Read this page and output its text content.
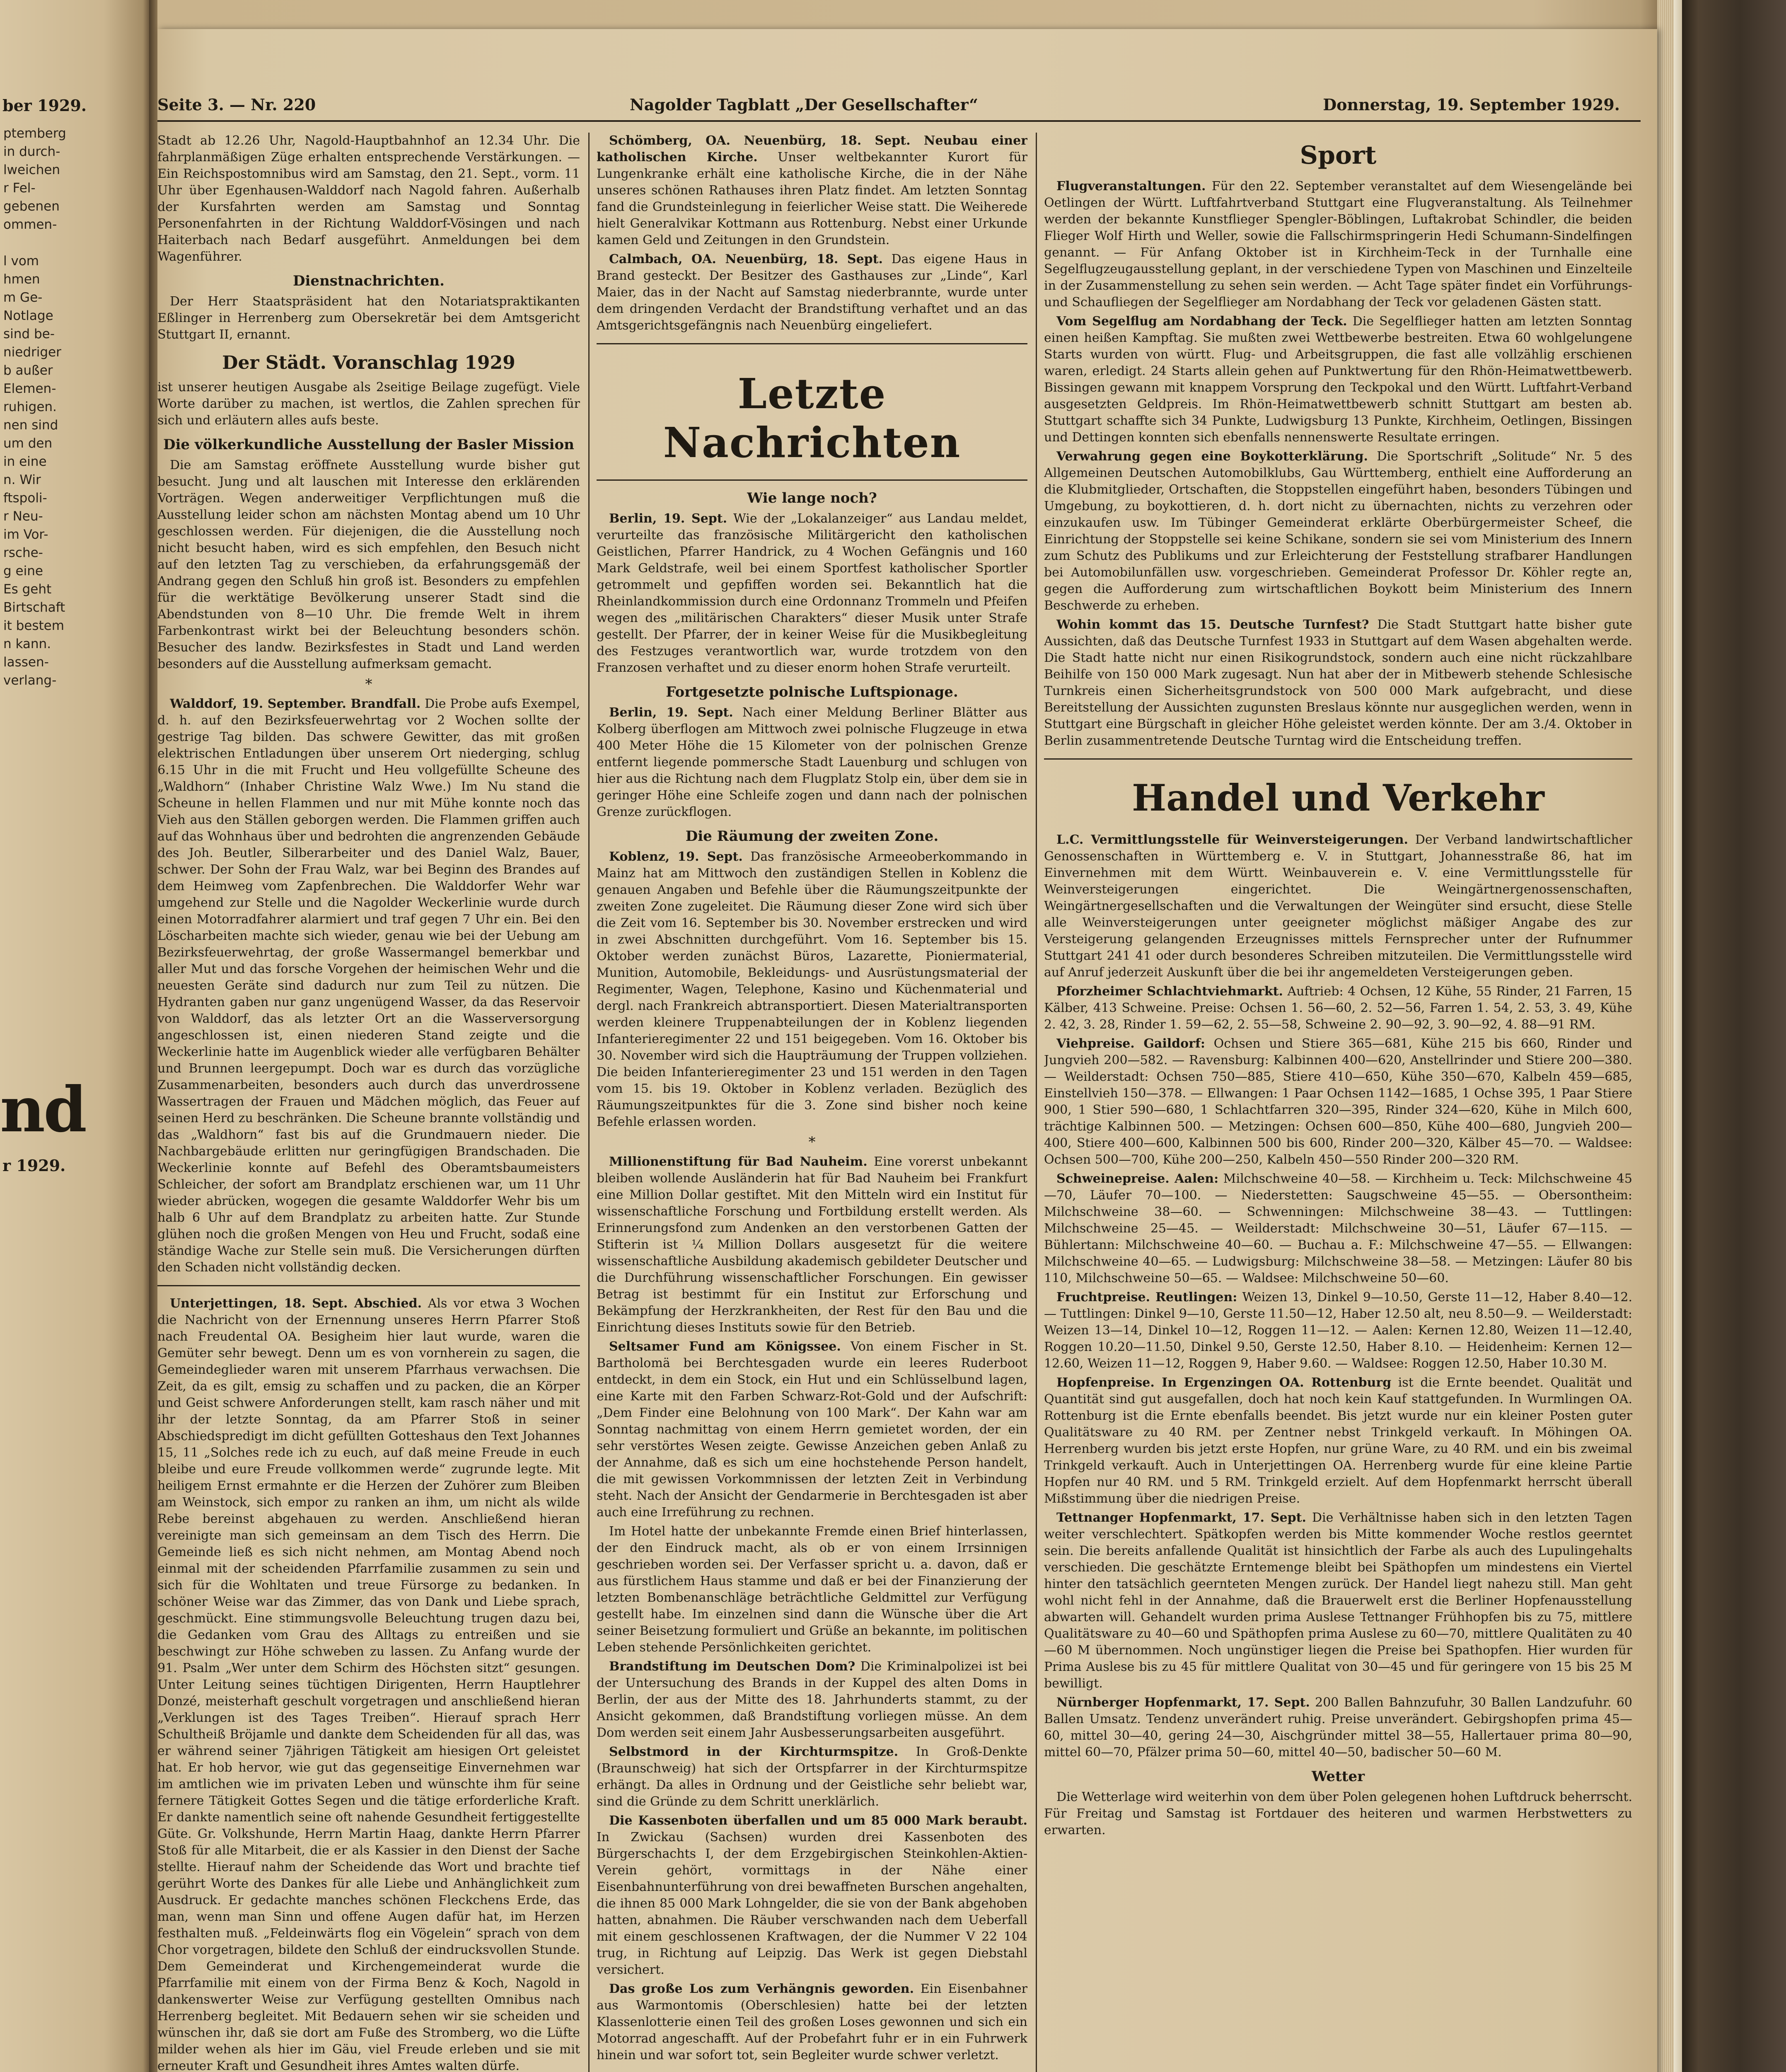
ber 1929.
ptemberg
in durch-
lweichen
r Fel-
gebenen
ommen-

l vom
hmen
m Ge-
Notlage
sind be-
niedriger
b außer
Elemen-
ruhigen.
nen sind
um den
in eine
n. Wir
ftspoli-
r Neu-
im Vor-
rsche-
g eine
Es geht
Birtschaft
it bestem
n kann.
lassen-
verlang-
nd
r 1929.
Seite 3. — Nr. 220	Nagolder Tagblatt „Der Gesellschafter“	Donnerstag, 19. September 1929.

Stadt ab 12.26 Uhr, Nagold-Hauptbahnhof an 12.34 Uhr. Die fahrplanmäßigen Züge erhalten entsprechende Verstärkungen. — Ein Reichspostomnibus wird am Samstag, den 21. Sept., vorm. 11 Uhr über Egenhausen-Walddorf nach Nagold fahren. Außerhalb der Kursfahrten werden am Samstag und Sonntag Personenfahrten in der Richtung Walddorf-Vösingen und nach Haiterbach nach Bedarf ausgeführt. Anmeldungen bei dem Wagenführer.

Dienstnachrichten.

Der Herr Staatspräsident hat den Notariatspraktikanten Eßlinger in Herrenberg zum Obersekretär bei dem Amtsgericht Stuttgart II, ernannt.

Der Städt. Voranschlag 1929

ist unserer heutigen Ausgabe als 2seitige Beilage zugefügt. Viele Worte darüber zu machen, ist wertlos, die Zahlen sprechen für sich und erläutern alles aufs beste.

Die völkerkundliche Ausstellung der Basler Mission

Die am Samstag eröffnete Ausstellung wurde bisher gut besucht. Jung und alt lauschen mit Interesse den erklärenden Vorträgen. Wegen anderweitiger Verpflichtungen muß die Ausstellung leider schon am nächsten Montag abend um 10 Uhr geschlossen werden. Für diejenigen, die die Ausstellung noch nicht besucht haben, wird es sich empfehlen, den Besuch nicht auf den letzten Tag zu verschieben, da erfahrungsgemäß der Andrang gegen den Schluß hin groß ist. Besonders zu empfehlen für die werktätige Bevölkerung unserer Stadt sind die Abendstunden von 8—10 Uhr. Die fremde Welt in ihrem Farbenkontrast wirkt bei der Beleuchtung besonders schön. Besucher des landw. Bezirksfestes in Stadt und Land werden besonders auf die Ausstellung aufmerksam gemacht.

*

Walddorf, 19. September. Brandfall. Die Probe aufs Exempel, d. h. auf den Bezirksfeuerwehrtag vor 2 Wochen sollte der gestrige Tag bilden. Das schwere Gewitter, das mit großen elektrischen Entladungen über unserem Ort niederging, schlug 6.15 Uhr in die mit Frucht und Heu vollgefüllte Scheune des „Waldhorn“ (Inhaber Christine Walz Wwe.) Im Nu stand die Scheune in hellen Flammen und nur mit Mühe konnte noch das Vieh aus den Ställen geborgen werden. Die Flammen griffen auch auf das Wohnhaus über und bedrohten die angrenzenden Gebäude des Joh. Beutler, Silberarbeiter und des Daniel Walz, Bauer, schwer. Der Sohn der Frau Walz, war bei Beginn des Brandes auf dem Heimweg vom Zapfenbrechen. Die Walddorfer Wehr war umgehend zur Stelle und die Nagolder Weckerlinie wurde durch einen Motorradfahrer alarmiert und traf gegen 7 Uhr ein. Bei den Löscharbeiten machte sich wieder, genau wie bei der Uebung am Bezirksfeuerwehrtag, der große Wassermangel bemerkbar und aller Mut und das forsche Vorgehen der heimischen Wehr und die neuesten Geräte sind dadurch nur zum Teil zu nützen. Die Hydranten gaben nur ganz ungenügend Wasser, da das Reservoir von Walddorf, das als letzter Ort an die Wasserversorgung angeschlossen ist, einen niederen Stand zeigte und die Weckerlinie hatte im Augenblick wieder alle verfügbaren Behälter und Brunnen leergepumpt. Doch war es durch das vorzügliche Zusammenarbeiten, besonders auch durch das unverdrossene Wassertragen der Frauen und Mädchen möglich, das Feuer auf seinen Herd zu beschränken. Die Scheune brannte vollständig und das „Waldhorn“ fast bis auf die Grundmauern nieder. Die Nachbargebäude erlitten nur geringfügigen Brandschaden. Die Weckerlinie konnte auf Befehl des Oberamtsbaumeisters Schleicher, der sofort am Brandplatz erschienen war, um 11 Uhr wieder abrücken, wogegen die gesamte Walddorfer Wehr bis um halb 6 Uhr auf dem Brandplatz zu arbeiten hatte. Zur Stunde glühen noch die großen Mengen von Heu und Frucht, sodaß eine ständige Wache zur Stelle sein muß. Die Versicherungen dürften den Schaden nicht vollständig decken.

Unterjettingen, 18. Sept. Abschied. Als vor etwa 3 Wochen die Nachricht von der Ernennung unseres Herrn Pfarrer Stoß nach Freudental OA. Besigheim hier laut wurde, waren die Gemüter sehr bewegt. Denn um es von vornherein zu sagen, die Gemeindeglieder waren mit unserem Pfarrhaus verwachsen. Die Zeit, da es gilt, emsig zu schaffen und zu packen, die an Körper und Geist schwere Anforderungen stellt, kam rasch näher und mit ihr der letzte Sonntag, da am Pfarrer Stoß in seiner Abschiedspredigt im dicht gefüllten Gotteshaus den Text Johannes 15, 11 „Solches rede ich zu euch, auf daß meine Freude in euch bleibe und eure Freude vollkommen werde“ zugrunde legte. Mit heiligem Ernst ermahnte er die Herzen der Zuhörer zum Bleiben am Weinstock, sich empor zu ranken an ihm, um nicht als wilde Rebe bereinst abgehauen zu werden. Anschließend hieran vereinigte man sich gemeinsam an dem Tisch des Herrn. Die Gemeinde ließ es sich nicht nehmen, am Montag Abend noch einmal mit der scheidenden Pfarrfamilie zusammen zu sein und sich für die Wohltaten und treue Fürsorge zu bedanken. In schöner Weise war das Zimmer, das von Dank und Liebe sprach, geschmückt. Eine stimmungsvolle Beleuchtung trugen dazu bei, die Gedanken vom Grau des Alltags zu entreißen und sie beschwingt zur Höhe schweben zu lassen. Zu Anfang wurde der 91. Psalm „Wer unter dem Schirm des Höchsten sitzt“ gesungen. Unter Leitung seines tüchtigen Dirigenten, Herrn Hauptlehrer Donzé, meisterhaft geschult vorgetragen und anschließend hieran „Verklungen ist des Tages Treiben“. Hierauf sprach Herr Schultheiß Bröjamle und dankte dem Scheidenden für all das, was er während seiner 7jährigen Tätigkeit am hiesigen Ort geleistet hat. Er hob hervor, wie gut das gegenseitige Einvernehmen war im amtlichen wie im privaten Leben und wünschte ihm für seine fernere Tätigkeit Gottes Segen und die tätige erforderliche Kraft. Er dankte namentlich seine oft nahende Gesundheit fertiggestellte Güte. Gr. Volkshunde, Herrn Martin Haag, dankte Herrn Pfarrer Stoß für alle Mitarbeit, die er als Kassier in den Dienst der Sache stellte. Hierauf nahm der Scheidende das Wort und brachte tief gerührt Worte des Dankes für alle Liebe und Anhänglichkeit zum Ausdruck. Er gedachte manches schönen Fleckchens Erde, das man, wenn man Sinn und offene Augen dafür hat, im Herzen festhalten muß. „Feldeinwärts flog ein Vögelein“ sprach von dem Chor vorgetragen, bildete den Schluß der eindrucksvollen Stunde. Dem Gemeinderat und Kirchengemeinderat wurde die Pfarrfamilie mit einem von der Firma Benz & Koch, Nagold in dankenswerter Weise zur Verfügung gestellten Omnibus nach Herrenberg begleitet. Mit Bedauern sehen wir sie scheiden und wünschen ihr, daß sie dort am Fuße des Stromberg, wo die Lüfte milder wehen als hier im Gäu, viel Freude erleben und sie mit erneuter Kraft und Gesundheit ihres Amtes walten dürfe.

Schömberg, OA. Neuenbürg, 18. Sept. Neubau einer katholischen Kirche. Unser weltbekannter Kurort für Lungenkranke erhält eine katholische Kirche, die in der Nähe unseres schönen Rathauses ihren Platz findet. Am letzten Sonntag fand die Grundsteinlegung in feierlicher Weise statt. Die Weiherede hielt Generalvikar Kottmann aus Rottenburg. Nebst einer Urkunde kamen Geld und Zeitungen in den Grundstein.

Calmbach, OA. Neuenbürg, 18. Sept. Das eigene Haus in Brand gesteckt. Der Besitzer des Gasthauses zur „Linde“, Karl Maier, das in der Nacht auf Samstag niederbrannte, wurde unter dem dringenden Verdacht der Brandstiftung verhaftet und an das Amtsgerichtsgefängnis nach Neuenbürg eingeliefert.

Letzte Nachrichten
Wie lange noch?

Berlin, 19. Sept. Wie der „Lokalanzeiger“ aus Landau meldet, verurteilte das französische Militärgericht den katholischen Geistlichen, Pfarrer Handrick, zu 4 Wochen Gefängnis und 160 Mark Geldstrafe, weil bei einem Sportfest katholischer Sportler getrommelt und gepfiffen worden sei. Bekanntlich hat die Rheinlandkommission durch eine Ordonnanz Trommeln und Pfeifen wegen des „militärischen Charakters“ dieser Musik unter Strafe gestellt. Der Pfarrer, der in keiner Weise für die Musikbegleitung des Festzuges verantwortlich war, wurde trotzdem von den Franzosen verhaftet und zu dieser enorm hohen Strafe verurteilt.

Fortgesetzte polnische Luftspionage.

Berlin, 19. Sept. Nach einer Meldung Berliner Blätter aus Kolberg überflogen am Mittwoch zwei polnische Flugzeuge in etwa 400 Meter Höhe die 15 Kilometer von der polnischen Grenze entfernt liegende pommersche Stadt Lauenburg und schlugen von hier aus die Richtung nach dem Flugplatz Stolp ein, über dem sie in geringer Höhe eine Schleife zogen und dann nach der polnischen Grenze zurückflogen.

Die Räumung der zweiten Zone.

Koblenz, 19. Sept. Das französische Armeeoberkommando in Mainz hat am Mittwoch den zuständigen Stellen in Koblenz die genauen Angaben und Befehle über die Räumungszeitpunkte der zweiten Zone zugeleitet. Die Räumung dieser Zone wird sich über die Zeit vom 16. September bis 30. November erstrecken und wird in zwei Abschnitten durchgeführt. Vom 16. September bis 15. Oktober werden zunächst Büros, Lazarette, Pioniermaterial, Munition, Automobile, Bekleidungs- und Ausrüstungsmaterial der Regimenter, Wagen, Telephone, Kasino und Küchenmaterial und dergl. nach Frankreich abtransportiert. Diesen Materialtransporten werden kleinere Truppenabteilungen der in Koblenz liegenden Infanterieregimenter 22 und 151 beigegeben. Vom 16. Oktober bis 30. November wird sich die Haupträumung der Truppen vollziehen. Die beiden Infanterieregimenter 23 und 151 werden in den Tagen vom 15. bis 19. Oktober in Koblenz verladen. Bezüglich des Räumungszeitpunktes für die 3. Zone sind bisher noch keine Befehle erlassen worden.

*

Millionenstiftung für Bad Nauheim. Eine vorerst unbekannt bleiben wollende Ausländerin hat für Bad Nauheim bei Frankfurt eine Million Dollar gestiftet. Mit den Mitteln wird ein Institut für wissenschaftliche Forschung und Fortbildung erstellt werden. Als Erinnerungsfond zum Andenken an den verstorbenen Gatten der Stifterin ist ¼ Million Dollars ausgesetzt für die weitere wissenschaftliche Ausbildung akademisch gebildeter Deutscher und die Durchführung wissenschaftlicher Forschungen. Ein gewisser Betrag ist bestimmt für ein Institut zur Erforschung und Bekämpfung der Herzkrankheiten, der Rest für den Bau und die Einrichtung dieses Instituts sowie für den Betrieb.

Seltsamer Fund am Königssee. Von einem Fischer in St. Bartholomä bei Berchtesgaden wurde ein leeres Ruderboot entdeckt, in dem ein Stock, ein Hut und ein Schlüsselbund lagen, eine Karte mit den Farben Schwarz-Rot-Gold und der Aufschrift: „Dem Finder eine Belohnung von 100 Mark“. Der Kahn war am Sonntag nachmittag von einem Herrn gemietet worden, der ein sehr verstörtes Wesen zeigte. Gewisse Anzeichen geben Anlaß zu der Annahme, daß es sich um eine hochstehende Person handelt, die mit gewissen Vorkommnissen der letzten Zeit in Verbindung steht. Nach der Ansicht der Gendarmerie in Berchtesgaden ist aber auch eine Irreführung zu rechnen.

Im Hotel hatte der unbekannte Fremde einen Brief hinterlassen, der den Eindruck macht, als ob er von einem Irrsinnigen geschrieben worden sei. Der Verfasser spricht u. a. davon, daß er aus fürstlichem Haus stamme und daß er bei der Finanzierung der letzten Bombenanschläge beträchtliche Geldmittel zur Verfügung gestellt habe. Im einzelnen sind dann die Wünsche über die Art seiner Beisetzung formuliert und Grüße an bekannte, im politischen Leben stehende Persönlichkeiten gerichtet.

Brandstiftung im Deutschen Dom? Die Kriminalpolizei ist bei der Untersuchung des Brands in der Kuppel des alten Doms in Berlin, der aus der Mitte des 18. Jahrhunderts stammt, zu der Ansicht gekommen, daß Brandstiftung vorliegen müsse. An dem Dom werden seit einem Jahr Ausbesserungsarbeiten ausgeführt.

Selbstmord in der Kirchturmspitze. In Groß-Denkte (Braunschweig) hat sich der Ortspfarrer in der Kirchturmspitze erhängt. Da alles in Ordnung und der Geistliche sehr beliebt war, sind die Gründe zu dem Schritt unerklärlich.

Die Kassenboten überfallen und um 85 000 Mark beraubt. In Zwickau (Sachsen) wurden drei Kassenboten des Bürgerschachts I, der dem Erzgebirgischen Steinkohlen-Aktien-Verein gehört, vormittags in der Nähe einer Eisenbahnunterführung von drei bewaffneten Burschen angehalten, die ihnen 85 000 Mark Lohngelder, die sie von der Bank abgehoben hatten, abnahmen. Die Räuber verschwanden nach dem Ueberfall mit einem geschlossenen Kraftwagen, der die Nummer V 22 104 trug, in Richtung auf Leipzig. Das Werk ist gegen Diebstahl versichert.

Das große Los zum Verhängnis geworden. Ein Eisenbahner aus Warmontomis (Oberschlesien) hatte bei der letzten Klassenlotterie einen Teil des großen Loses gewonnen und sich ein Motorrad angeschafft. Auf der Probefahrt fuhr er in ein Fuhrwerk hinein und war sofort tot, sein Begleiter wurde schwer verletzt.

Sport

Flugveranstaltungen. Für den 22. September veranstaltet auf dem Wiesengelände bei Oetlingen der Württ. Luftfahrtverband Stuttgart eine Flugveranstaltung. Als Teilnehmer werden der bekannte Kunstflieger Spengler-Böblingen, Luftakrobat Schindler, die beiden Flieger Wolf Hirth und Weller, sowie die Fallschirmspringerin Hedi Schumann-Sindelfingen genannt. — Für Anfang Oktober ist in Kirchheim-Teck in der Turnhalle eine Segelflugzeugausstellung geplant, in der verschiedene Typen von Maschinen und Einzelteile in der Zusammenstellung zu sehen sein werden. — Acht Tage später findet ein Vorführungs- und Schaufliegen der Segelflieger am Nordabhang der Teck vor geladenen Gästen statt.

Vom Segelflug am Nordabhang der Teck. Die Segelflieger hatten am letzten Sonntag einen heißen Kampftag. Sie mußten zwei Wettbewerbe bestreiten. Etwa 60 wohlgelungene Starts wurden von württ. Flug- und Arbeitsgruppen, die fast alle vollzählig erschienen waren, erledigt. 24 Starts allein gehen auf Punktwertung für den Rhön-Heimatwettbewerb. Bissingen gewann mit knappem Vorsprung den Teckpokal und den Württ. Luftfahrt-Verband ausgesetzten Geldpreis. Im Rhön-Heimatwettbewerb schnitt Stuttgart am besten ab. Stuttgart schaffte sich 34 Punkte, Ludwigsburg 13 Punkte, Kirchheim, Oetlingen, Bissingen und Dettingen konnten sich ebenfalls nennenswerte Resultate erringen.

Verwahrung gegen eine Boykotterklärung. Die Sportschrift „Solitude“ Nr. 5 des Allgemeinen Deutschen Automobilklubs, Gau Württemberg, enthielt eine Aufforderung an die Klubmitglieder, Ortschaften, die Stoppstellen eingeführt haben, besonders Tübingen und Umgebung, zu boykottieren, d. h. dort nicht zu übernachten, nichts zu verzehren oder einzukaufen usw. Im Tübinger Gemeinderat erklärte Oberbürgermeister Scheef, die Einrichtung der Stoppstelle sei keine Schikane, sondern sie sei vom Ministerium des Innern zum Schutz des Publikums und zur Erleichterung der Feststellung strafbarer Handlungen bei Automobilunfällen usw. vorgeschrieben. Gemeinderat Professor Dr. Köhler regte an, gegen die Aufforderung zum wirtschaftlichen Boykott beim Ministerium des Innern Beschwerde zu erheben.

Wohin kommt das 15. Deutsche Turnfest? Die Stadt Stuttgart hatte bisher gute Aussichten, daß das Deutsche Turnfest 1933 in Stuttgart auf dem Wasen abgehalten werde. Die Stadt hatte nicht nur einen Risikogrundstock, sondern auch eine nicht rückzahlbare Beihilfe von 150 000 Mark zugesagt. Nun hat aber der in Mitbewerb stehende Schlesische Turnkreis einen Sicherheitsgrundstock von 500 000 Mark aufgebracht, und diese Bereitstellung der Aussichten zugunsten Breslaus könnte nur ausgeglichen werden, wenn in Stuttgart eine Bürgschaft in gleicher Höhe geleistet werden könnte. Der am 3./4. Oktober in Berlin zusammentretende Deutsche Turntag wird die Entscheidung treffen.

Handel und Verkehr

L.C. Vermittlungsstelle für Weinversteigerungen. Der Verband landwirtschaftlicher Genossenschaften in Württemberg e. V. in Stuttgart, Johannesstraße 86, hat im Einvernehmen mit dem Württ. Weinbauverein e. V. eine Vermittlungsstelle für Weinversteigerungen eingerichtet. Die Weingärtnergenossenschaften, Weingärtnergesellschaften und die Verwaltungen der Weingüter sind ersucht, diese Stelle alle Weinversteigerungen unter geeigneter möglichst mäßiger Angabe des zur Versteigerung gelangenden Erzeugnisses mittels Fernsprecher unter der Rufnummer Stuttgart 241 41 oder durch besonderes Schreiben mitzuteilen. Die Vermittlungsstelle wird auf Anruf jederzeit Auskunft über die bei ihr angemeldeten Versteigerungen geben.

Pforzheimer Schlachtviehmarkt. Auftrieb: 4 Ochsen, 12 Kühe, 55 Rinder, 21 Farren, 15 Kälber, 413 Schweine. Preise: Ochsen 1. 56—60, 2. 52—56, Farren 1. 54, 2. 53, 3. 49, Kühe 2. 42, 3. 28, Rinder 1. 59—62, 2. 55—58, Schweine 2. 90—92, 3. 90—92, 4. 88—91 RM.

Viehpreise. Gaildorf: Ochsen und Stiere 365—681, Kühe 215 bis 660, Rinder und Jungvieh 200—582. — Ravensburg: Kalbinnen 400—620, Anstellrinder und Stiere 200—380. — Weilderstadt: Ochsen 750—885, Stiere 410—650, Kühe 350—670, Kalbeln 459—685, Einstellvieh 150—378. — Ellwangen: 1 Paar Ochsen 1142—1685, 1 Ochse 395, 1 Paar Stiere 900, 1 Stier 590—680, 1 Schlachtfarren 320—395, Rinder 324—620, Kühe in Milch 600, trächtige Kalbinnen 500. — Metzingen: Ochsen 600—850, Kühe 400—680, Jungvieh 200—400, Stiere 400—600, Kalbinnen 500 bis 600, Rinder 200—320, Kälber 45—70. — Waldsee: Ochsen 500—700, Kühe 200—250, Kalbeln 450—550 Rinder 200—320 RM.

Schweinepreise. Aalen: Milchschweine 40—58. — Kirchheim u. Teck: Milchschweine 45—70, Läufer 70—100. — Niederstetten: Saugschweine 45—55. — Obersontheim: Milchschweine 38—60. — Schwenningen: Milchschweine 38—43. — Tuttlingen: Milchschweine 25—45. — Weilderstadt: Milchschweine 30—51, Läufer 67—115. — Bühlertann: Milchschweine 40—60. — Buchau a. F.: Milchschweine 47—55. — Ellwangen: Milchschweine 40—65. — Ludwigsburg: Milchschweine 38—58. — Metzingen: Läufer 80 bis 110, Milchschweine 50—65. — Waldsee: Milchschweine 50—60.

Fruchtpreise. Reutlingen: Weizen 13, Dinkel 9—10.50, Gerste 11—12, Haber 8.40—12. — Tuttlingen: Dinkel 9—10, Gerste 11.50—12, Haber 12.50 alt, neu 8.50—9. — Weilderstadt: Weizen 13—14, Dinkel 10—12, Roggen 11—12. — Aalen: Kernen 12.80, Weizen 11—12.40, Roggen 10.20—11.50, Dinkel 9.50, Gerste 12.50, Haber 8.10. — Heidenheim: Kernen 12—12.60, Weizen 11—12, Roggen 9, Haber 9.60. — Waldsee: Roggen 12.50, Haber 10.30 M.

Hopfenpreise. In Ergenzingen OA. Rottenburg ist die Ernte beendet. Qualität und Quantität sind gut ausgefallen, doch hat noch kein Kauf stattgefunden. In Wurmlingen OA. Rottenburg ist die Ernte ebenfalls beendet. Bis jetzt wurde nur ein kleiner Posten guter Qualitätsware zu 40 RM. per Zentner nebst Trinkgeld verkauft. In Möhingen OA. Herrenberg wurden bis jetzt erste Hopfen, nur grüne Ware, zu 40 RM. und ein bis zweimal Trinkgeld verkauft. Auch in Unterjettingen OA. Herrenberg wurde für eine kleine Partie Hopfen nur 40 RM. und 5 RM. Trinkgeld erzielt. Auf dem Hopfenmarkt herrscht überall Mißstimmung über die niedrigen Preise.

Tettnanger Hopfenmarkt, 17. Sept. Die Verhältnisse haben sich in den letzten Tagen weiter verschlechtert. Spätkopfen werden bis Mitte kommender Woche restlos geerntet sein. Die bereits anfallende Qualität ist hinsichtlich der Farbe als auch des Lupulingehalts verschieden. Die geschätzte Erntemenge bleibt bei Späthopfen um mindestens ein Viertel hinter den tatsächlich geernteten Mengen zurück. Der Handel liegt nahezu still. Man geht wohl nicht fehl in der Annahme, daß die Brauerwelt erst die Berliner Hopfenausstellung abwarten will. Gehandelt wurden prima Auslese Tettnanger Frühhopfen bis zu 75, mittlere Qualitätsware zu 40—60 und Späthopfen prima Auslese zu 60—70, mittlere Qualitäten zu 40—60 M übernommen. Noch ungünstiger liegen die Preise bei Spathopfen. Hier wurden für Prima Auslese bis zu 45 für mittlere Qualitat von 30—45 und für geringere von 15 bis 25 M bewilligt.

Nürnberger Hopfenmarkt, 17. Sept. 200 Ballen Bahnzufuhr, 30 Ballen Landzufuhr. 60 Ballen Umsatz. Tendenz unverändert ruhig. Preise unverändert. Gebirgshopfen prima 45—60, mittel 30—40, gering 24—30, Aischgründer mittel 38—55, Hallertauer prima 80—90, mittel 60—70, Pfälzer prima 50—60, mittel 40—50, badischer 50—60 M.

Wetter

Die Wetterlage wird weiterhin von dem über Polen gelegenen hohen Luftdruck beherrscht. Für Freitag und Samstag ist Fortdauer des heiteren und warmen Herbstwetters zu erwarten.
